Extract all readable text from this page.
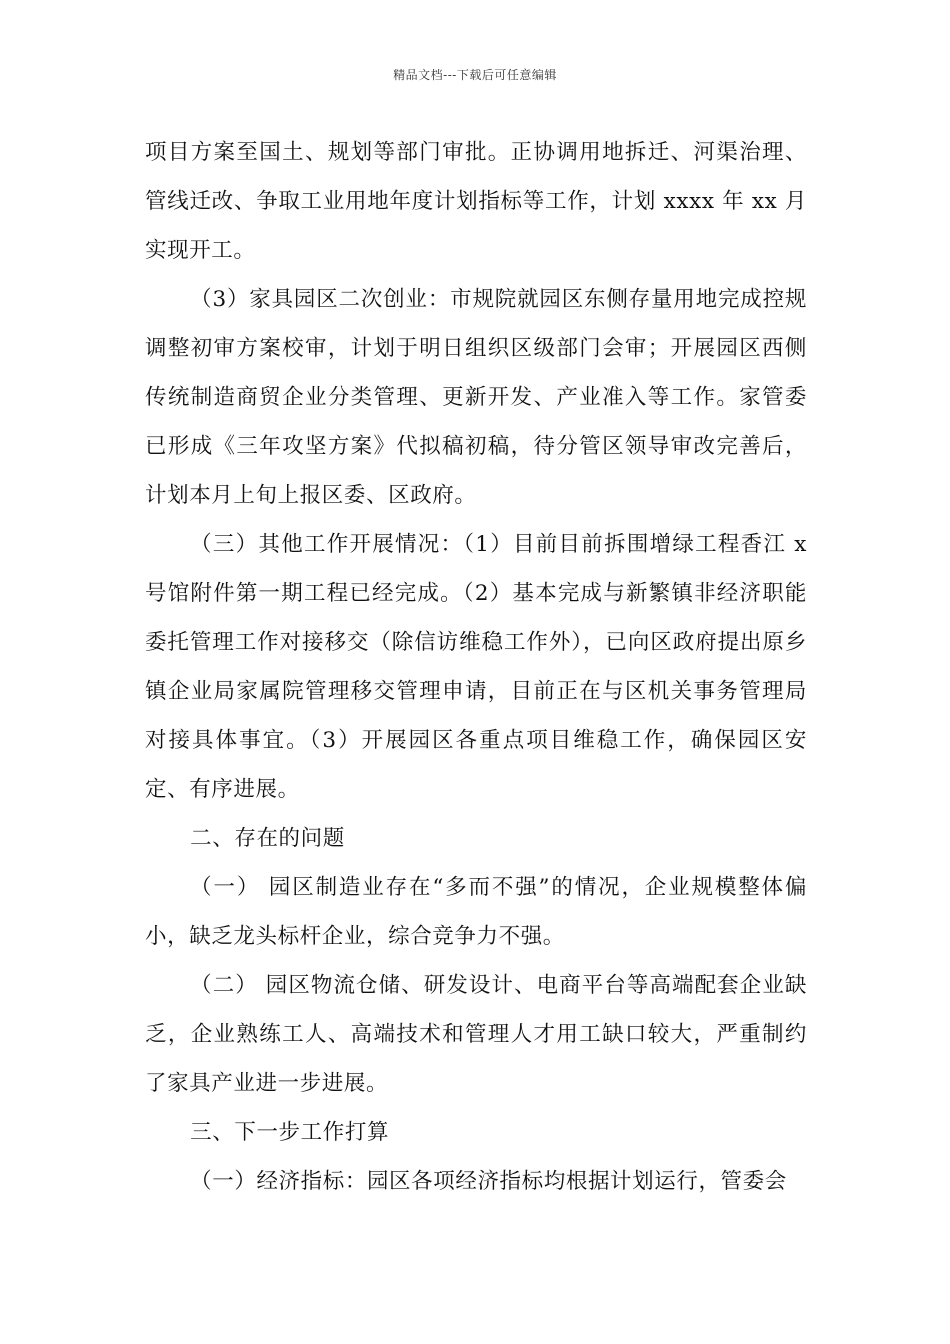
精品文档---下载后可任意编辑

项目方案至国土、规划等部门审批。正协调用地拆迁、河渠治理、管线迁改、争取工业用地年度计划指标等工作，计划 xxxx 年 xx 月实现开工。

（3）家具园区二次创业：市规院就园区东侧存量用地完成控规调整初审方案校审，计划于明日组织区级部门会审；开展园区西侧传统制造商贸企业分类管理、更新开发、产业准入等工作。家管委已形成《三年攻坚方案》代拟稿初稿，待分管区领导审改完善后，计划本月上旬上报区委、区政府。

（三）其他工作开展情况：（1）目前目前拆围增绿工程香江 x 号馆附件第一期工程已经完成。（2）基本完成与新繁镇非经济职能委托管理工作对接移交（除信访维稳工作外），已向区政府提出原乡镇企业局家属院管理移交管理申请，目前正在与区机关事务管理局对接具体事宜。（3）开展园区各重点项目维稳工作，确保园区安定、有序进展。

二、存在的问题

（一） 园区制造业存在“多而不强”的情况，企业规模整体偏小，缺乏龙头标杆企业，综合竞争力不强。

（二） 园区物流仓储、研发设计、电商平台等高端配套企业缺乏，企业熟练工人、高端技术和管理人才用工缺口较大，严重制约了家具产业进一步进展。

三、下一步工作打算

（一）经济指标：园区各项经济指标均根据计划运行，管委会
